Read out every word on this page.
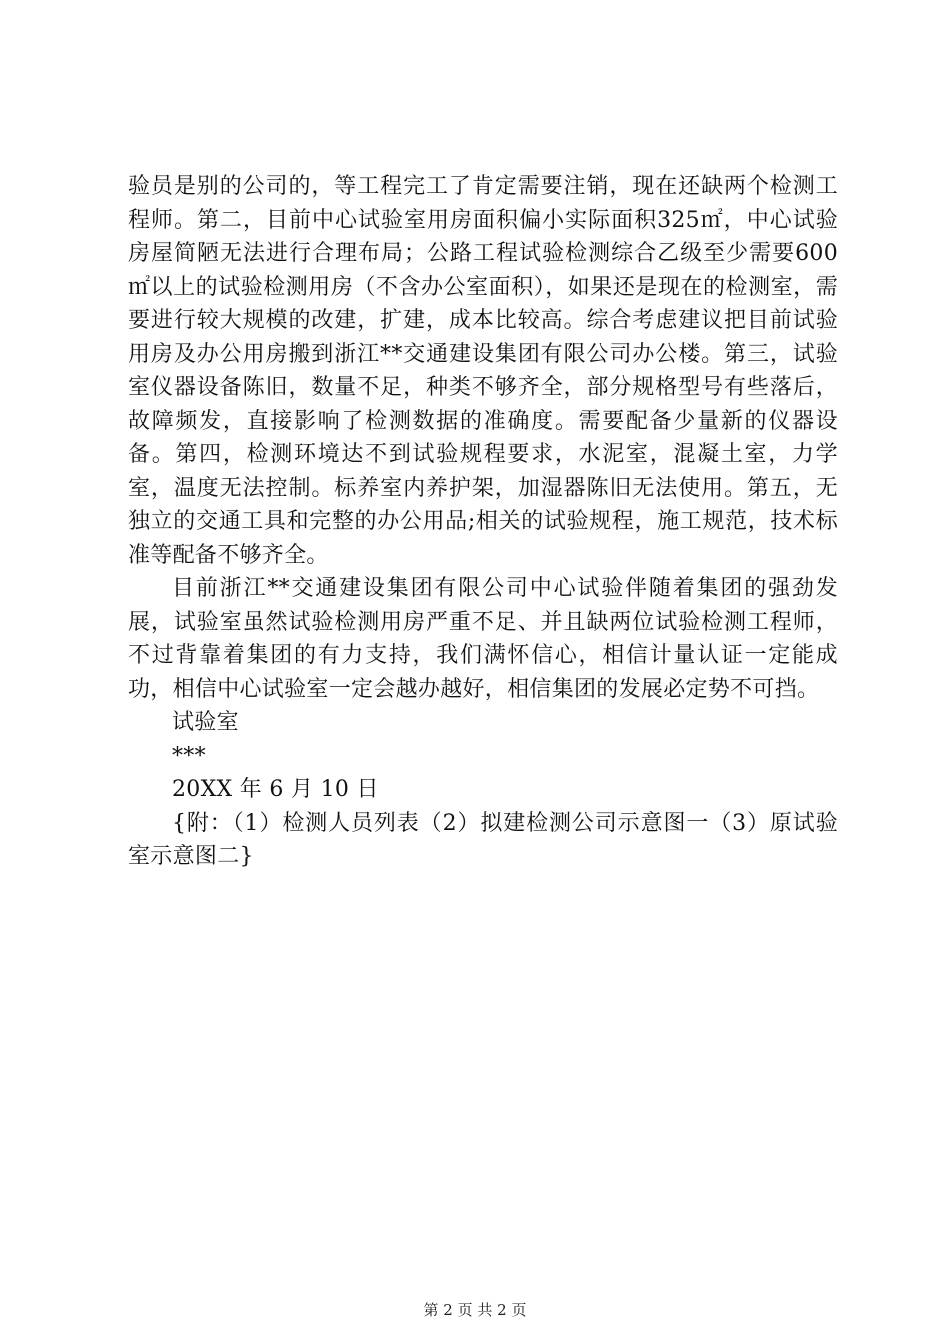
验员是别的公司的，等工程完工了肯定需要注销，现在还缺两个检测工程师。第二，目前中心试验室用房面积偏小实际面积325㎡，中心试验房屋简陋无法进行合理布局；公路工程试验检测综合乙级至少需要600㎡以上的试验检测用房（不含办公室面积），如果还是现在的检测室，需要进行较大规模的改建，扩建，成本比较高。综合考虑建议把目前试验用房及办公用房搬到浙江**交通建设集团有限公司办公楼。第三，试验室仪器设备陈旧，数量不足，种类不够齐全，部分规格型号有些落后，故障频发，直接影响了检测数据的准确度。需要配备少量新的仪器设备。第四，检测环境达不到试验规程要求，水泥室，混凝土室，力学室，温度无法控制。标养室内养护架，加湿器陈旧无法使用。第五，无独立的交通工具和完整的办公用品;相关的试验规程，施工规范，技术标准等配备不够齐全。

目前浙江**交通建设集团有限公司中心试验伴随着集团的强劲发展，试验室虽然试验检测用房严重不足、并且缺两位试验检测工程师，不过背靠着集团的有力支持，我们满怀信心，相信计量认证一定能成功，相信中心试验室一定会越办越好，相信集团的发展必定势不可挡。

试验室

***

20XX 年 6 月 10 日

{附：（1）检测人员列表（2）拟建检测公司示意图一（3）原试验室示意图二}

第 2 页 共 2 页
